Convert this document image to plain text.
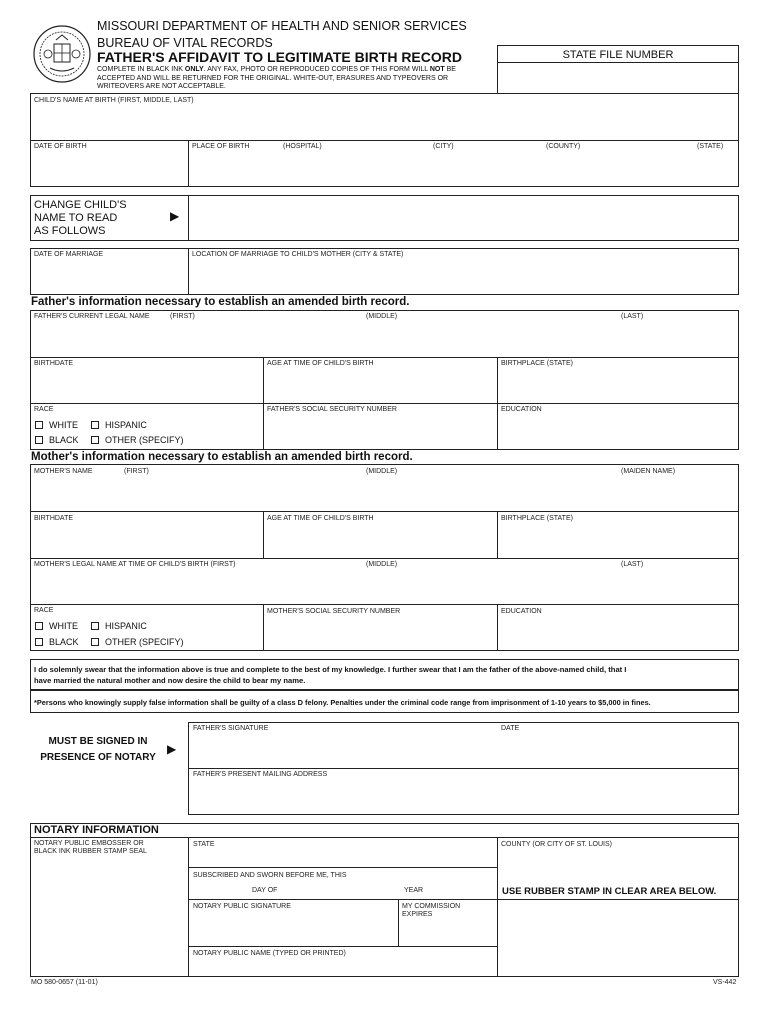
MISSOURI DEPARTMENT OF HEALTH AND SENIOR SERVICES
BUREAU OF VITAL RECORDS
FATHER'S AFFIDAVIT TO LEGITIMATE BIRTH RECORD
COMPLETE IN BLACK INK ONLY. ANY FAX, PHOTO OR REPRODUCED COPIES OF THIS FORM WILL NOT BE
ACCEPTED AND WILL BE RETURNED FOR THE ORIGINAL. WHITE-OUT, ERASURES AND TYPEOVERS OR
WRITEOVERS ARE NOT ACCEPTABLE.
STATE FILE NUMBER
CHILD'S NAME AT BIRTH (FIRST, MIDDLE, LAST)
DATE OF BIRTH	PLACE OF BIRTH	(HOSPITAL)	(CITY)	(COUNTY)	(STATE)
CHANGE CHILD'S
NAME TO READ
AS FOLLOWS
▶
DATE OF MARRIAGE	LOCATION OF MARRIAGE TO CHILD'S MOTHER (CITY & STATE)
Father's information necessary to establish an amended birth record.
FATHER'S CURRENT LEGAL NAME	(FIRST)	(MIDDLE)	(LAST)
BIRTHDATE	AGE AT TIME OF CHILD'S BIRTH	BIRTHPLACE (STATE)
RACE
WHITE	HISPANIC
BLACK	OTHER (SPECIFY)
FATHER'S SOCIAL SECURITY NUMBER	EDUCATION
Mother's information necessary to establish an amended birth record.
MOTHER'S NAME	(FIRST)	(MIDDLE)	(MAIDEN NAME)
BIRTHDATE	AGE AT TIME OF CHILD'S BIRTH	BIRTHPLACE (STATE)
MOTHER'S LEGAL NAME AT TIME OF CHILD'S BIRTH (FIRST)	(MIDDLE)	(LAST)
RACE
WHITE	HISPANIC
BLACK	OTHER (SPECIFY)
MOTHER'S SOCIAL SECURITY NUMBER	EDUCATION
I do solemnly swear that the information above is true and complete to the best of my knowledge. I further swear that I am the father of the above-named child, that I
have married the natural mother and now desire the child to bear my name.
*Persons who knowingly supply false information shall be guilty of a class D felony. Penalties under the criminal code range from imprisonment of 1-10 years to $5,000 in fines.
MUST BE SIGNED IN
PRESENCE OF NOTARY
▶
FATHER'S SIGNATURE	DATE
FATHER'S PRESENT MAILING ADDRESS
NOTARY INFORMATION
NOTARY PUBLIC EMBOSSER OR
BLACK INK RUBBER STAMP SEAL
STATE	COUNTY (OR CITY OF ST. LOUIS)
SUBSCRIBED AND SWORN BEFORE ME, THIS
DAY OF	YEAR	USE RUBBER STAMP IN CLEAR AREA BELOW.
NOTARY PUBLIC SIGNATURE	MY COMMISSION
EXPIRES
NOTARY PUBLIC NAME (TYPED OR PRINTED)
MO 580-0657 (11-01)	VS-442
